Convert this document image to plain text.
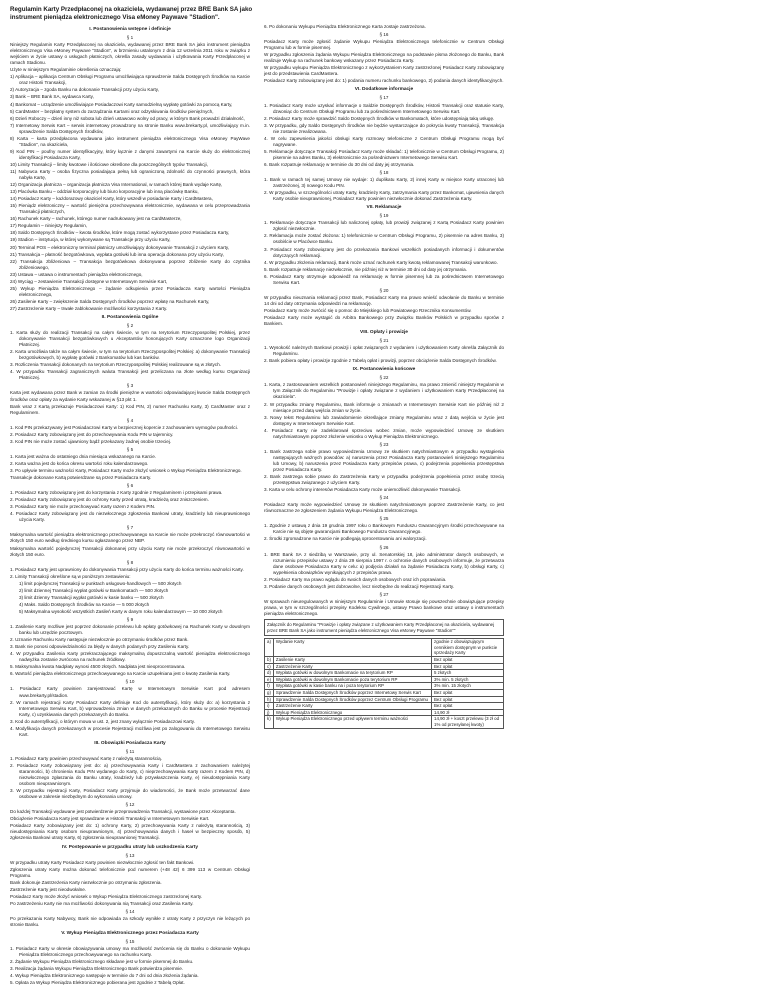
Regulamin Karty Przedpłaconej na okaziciela, wydawanej przez BRE Bank SA jako instrument pieniądza elektronicznego Visa eMoney Paywave "Stadion".
I. Postanowienia wstępne i definicje
§ 1

Niniejszy Regulamin Karty Przedpłaconej na okaziciela, wydawanej przez BRE Bank SA jako instrument pieniądza elektronicznego Visa eMoney Paywave "Stadion", w brzmieniu ustalonym z dnia 12 września 2011 roku w związku z wejściem w życie ustawy o usługach płatniczych, określa zasady wydawania i użytkowania Karty Przedpłaconej w ramach Stadionu.

Użyte w niniejszym Regulaminie określenia oznaczają:

1) Aplikacja – aplikacja Centrum Obsługi Programu umożliwiająca sprawdzenie Salda Dostępnych Środków na Karcie oraz Historii Transakcji,

2) Autoryzacja – zgoda Banku na dokonanie Transakcji przy użyciu Karty,

3) Bank – BRE Bank SA, wydawca Karty,

4) Bankomat – urządzenie umożliwiające Posiadaczowi Karty samodzielną wypłatę gotówki za pomocą Karty,

5) CardMaster – bezpłatny system do zarządzania Kartami oraz odzyskiwania środków pieniężnych,

6) Dzień Roboczy – dzień inny niż sobota lub dzień ustawowo wolny od pracy, w którym Bank prowadzi działalność,

7) Internetowy Serwis Kart – serwis internetowy prowadzony na stronie Banku www.brekarty.pl, umożliwiający m.in. sprawdzenie Salda Dostępnych Środków,

8) Karta – karta przedpłacona wydawana jako instrument pieniądza elektronicznego Visa eMoney PayWave "Stadion", na okaziciela,

9) Kod PIN – poufny numer identyfikacyjny, który łącznie z danymi zawartymi na Karcie służy do elektronicznej identyfikacji Posiadacza Karty,

10) Limity Transakcji – limity kwotowe i ilościowe określone dla poszczególnych typów Transakcji,

11) Nabywca Karty – osoba fizyczna posiadająca pełną lub ograniczoną zdolność do czynności prawnych, która nabyła Kartę,

12) Organizacja płatnicza – organizacja płatnicza Visa International, w ramach której Bank wydaje Kartę,

13) Placówka Banku – oddział korporacyjny lub biuro korporacyjne lub inną placówkę Banku,

14) Posiadacz Karty – każdorazowy okaziciel Karty, który wszedł w posiadanie Karty i CardMastera,

15) Pieniądz elektroniczny – wartość pieniężna przechowywana elektronicznie, wydawana w celu przeprowadzania Transakcji płatniczych,

16) Rachunek Karty – rachunek, którego numer nadrukowany jest na CardMasterze,

17) Regulamin – niniejszy Regulamin,

18) Saldo Dostępnych Środków – kwota środków, które mogą zostać wykorzystane przez Posiadacza Karty,

19) Stadion – instytucja, w której wykonywane są Transakcje przy użyciu Karty,

20) Terminal POS – elektroniczny terminal płatniczy umożliwiający dokonywanie Transakcji z użyciem Karty,

21) Transakcja – płatność bezgotówkowa, wypłata gotówki lub inna operacja dokonana przy użyciu Karty,

22) Transakcja zbliżeniowa – Transakcja bezgotówkowa dokonywana poprzez zbliżenie Karty do czytnika zbliżeniowego,

23) Ustawa – ustawa o instrumentach pieniądza elektronicznego,

24) Wyciąg – zestawienie Transakcji dostępne w Internetowym Serwisie Kart,

25) Wykup Pieniądza Elektronicznego – żądanie odkupienia przez Posiadacza Karty wartości Pieniądza elektronicznego,

26) Zasilenie Karty – zwiększenie Salda Dostępnych Środków poprzez wpłatę na Rachunek Karty,

27) Zastrzeżenie Karty – trwałe zablokowanie możliwości korzystania z Karty.

II. Postanowienia Ogólne
§ 2

1. Karta służy do realizacji Transakcji na całym świecie, w tym na terytorium Rzeczypospolitej Polskiej, przez dokonywanie Transakcji bezgotówkowych u Akceptantów honorujących Karty oznaczone logo Organizacji Płatniczej.

2. Karta umożliwia także na całym świecie, w tym na terytorium Rzeczypospolitej Polskiej: a) dokonywanie Transakcji bezgotówkowych, b) wypłatę gotówki z Bankomatów lub kas banków.

3. Rozliczenia Transakcji dokonanych na terytorium Rzeczypospolitej Polskiej realizowane są w złotych.

4. W przypadku Transakcji zagranicznych waluta Transakcji jest przeliczana na złote według kursu Organizacji Płatniczej.

§ 3

Karta jest wydawana przez Bank w zamian za środki pieniężne w wartości odpowiadającej kwocie Salda Dostępnych Środków oraz opłaty za wydanie Karty wskazanej w §13 pkt 1.

Bank wraz z Kartą przekazuje Posiadaczowi Karty: 1) Kod PIN, 2) numer Rachunku Karty, 3) CardMaster oraz z Regulaminem.

§ 4

1. Kod PIN przekazywany jest Posiadaczowi Karty w bezpiecznej kopercie z zachowaniem wymogów poufności.

2. Posiadacz Karty zobowiązany jest do przechowywania Kodu PIN w tajemnicy.

3. Kod PIN nie może zostać ujawniony bądź przekazany żadnej osobie trzeciej.

§ 5

1. Karta jest ważna do ostatniego dnia miesiąca wskazanego na Karcie.

2. Karta ważna jest do końca okresu wartości roku kalendarzowego.

3. Po upływie terminu ważności Karty, Posiadacz Karty może złożyć wniosek o Wykup Pieniądza Elektronicznego.

Transakcje dokonane Kartą potwierdzane są przez Posiadacza Karty.

§ 6

1. Posiadacz Karty zobowiązany jest do korzystania z Karty zgodnie z Regulaminem i przepisami prawa.

2. Posiadacz Karty zobowiązany jest do ochrony Karty przed utratą, kradzieżą oraz zniszczeniem.

3. Posiadacz Karty nie może przechowywać Karty razem z Kodem PIN.

4. Posiadacz Karty zobowiązany jest do niezwłocznego zgłoszenia Bankowi utraty, kradzieży lub nieuprawnionego użycia Karty.

§ 7

Maksymalna wartość pieniądza elektronicznego przechowywanego na Karcie nie może przekroczyć równowartości w złotych 150 euro według średniego kursu ogłaszanego przez NBP.

Maksymalna wartość pojedynczej Transakcji dokonanej przy użyciu Karty nie może przekroczyć równowartości w złotych 150 euro.

§ 8

1. Posiadacz Karty jest uprawniony do dokonywania Transakcji przy użyciu Karty do końca terminu ważności Karty.

2. Limity Transakcji określone są w poniższym zestawieniu:

1) limit pojedynczej Transakcji w punktach usługowo-handlowych — 500 złotych

2) limit dziennej Transakcji wypłat gotówki w Bankomatach — 500 złotych

3) limit dzienny Transakcji wypłat gotówki w kasie banku — 500 złotych

4) Maks. Saldo Dostępnych Środków na Karcie — 5 000 złotych

5) Maksymalna wysokość wszystkich Zasileń Karty w danym roku kalendarzowym — 10 000 złotych

§ 9

1. Zasilenie Karty możliwe jest poprzez dokonanie przelewu lub wpłaty gotówkowej na Rachunek Karty w dowolnym banku lub urzędzie pocztowym.

2. Uznanie Rachunku Karty następuje niezwłocznie po otrzymaniu środków przez Bank.

3. Bank nie ponosi odpowiedzialności za błędy w danych podanych przy Zasileniu Karty.

4. W przypadku Zasilenia Karty przekraczającego maksymalną dopuszczalną wartość pieniądza elektronicznego nadwyżka zostanie zwrócona na rachunek źródłowy.

5. Maksymalna kwota Nadpłaty wynosi 4500 złotych. Nadpłata jest nieoprocentowana.

6. Wartość pieniądza elektronicznego przechowywanego na Karcie uzupełniana jest o kwotę Zasilenia Karty.

§ 10

1. Posiadacz Karty powinien zarejestrować Kartę w Internetowym Serwisie Kart pod adresem www.brekarty.pl/stadion.

2. W ramach rejestracji Karty Posiadacz Karty definiuje Kod do autentyfikacji, który służy do: a) korzystania z Internetowego Serwisu Kart, b) wprowadzenia zmian w danych przekazanych do Banku w procesie Rejestracji Karty, c) uzyskiwania danych przekazanych do Banku.

3. Kod do autentyfikacji, o którym mowa w ust. 2, jest znany wyłącznie Posiadaczowi Karty.

4. Modyfikacja danych przekazanych w procesie Rejestracji możliwa jest po zalogowaniu do Internetowego Serwisu Kart.

III. Obowiązki Posiadacza Karty
§ 11

1. Posiadacz Karty powinien przechowywać Kartę z należytą starannością.

2. Posiadacz Karty zobowiązany jest do: a) przechowywania Karty i CardMastera z zachowaniem należytej staranności, b) chronienia Kodu PIN wydanego do Karty, c) nieprzechowywania Karty razem z Kodem PIN, d) niezwłocznego zgłaszania do Banku utraty, kradzieży lub przywłaszczenia Karty, e) nieudostępniania Karty osobom nieuprawnionym.

3. W przypadku rejestracji Karty, Posiadacz Karty przyjmuje do wiadomości, że Bank może przetwarzać dane osobowe w zakresie niezbędnym do wykonania umowy.

§ 12

Do każdej Transakcji wydawane jest potwierdzenie przeprowadzenia Transakcji, wystawione przez Akceptanta.

Obciążenie Posiadacza Karty jest sprawdzane w Historii Transakcji w Internetowym Serwisie Kart.

Posiadacz Karty zobowiązany jest do: 1) ochrony Karty, 2) przechowywania Karty z należytą starannością, 3) nieudostępniania Karty osobom nieuprawnionym, 4) przechowywania danych i haseł w bezpieczny sposób, 5) zgłoszenia Bankowi utraty Karty, 6) zgłoszenia nieuprawnionej Transakcji.

IV. Postępowanie w przypadku utraty lub uszkodzenia Karty
§ 13

W przypadku utraty Karty Posiadacz Karty powinien niezwłocznie zgłosić ten fakt Bankowi.

Zgłoszenia utraty Karty można dokonać telefonicznie pod numerem (+48 42) 6 399 113 w Centrum Obsługi Programu.

Bank dokonuje Zastrzeżenia Karty niezwłocznie po otrzymaniu zgłoszenia.

Zastrzeżenie Karty jest nieodwołalne.

Posiadacz Karty może złożyć wniosek o Wykup Pieniądza Elektronicznego zastrzeżonej Karty.

Po zastrzeżeniu Karty nie ma możliwości dokonywania nią Transakcji oraz Zasilenia Karty.

§ 14

Po przekazaniu Karty Nabywcy, Bank nie odpowiada za szkody wynikłe z utraty Karty z przyczyn nie leżących po stronie Banku.

V. Wykup Pieniądza Elektronicznego przez Posiadacza Karty
§ 15

1. Posiadacz Karty w okresie obowiązywania umowy ma możliwość zwrócenia się do Banku o dokonanie Wykupu Pieniądza Elektronicznego przechowywanego na rachunku Karty.

2. Żądanie Wykupu Pieniądza Elektronicznego składane jest w formie pisemnej do Banku.

3. Realizacja żądania Wykupu Pieniądza Elektronicznego Bank potwierdza pisemnie.

4. Wykup Pieniądza Elektronicznego następuje w terminie do 7 dni od dnia złożenia żądania.

5. Opłata za Wykup Pieniądza Elektronicznego pobierana jest zgodnie z Tabelą Opłat.

6. Po dokonaniu Wykupu Pieniądza Elektronicznego Karta zostaje zastrzeżona.

§ 16

Posiadacz Karty może zgłosić żądanie Wykupu Pieniądza Elektronicznego telefonicznie w Centrum Obsługi Programu lub w formie pisemnej.

W przypadku zgłoszenia żądania Wykupu Pieniądza Elektronicznego na podstawie pisma złożonego do Banku, Bank realizuje Wykup na rachunek bankowy wskazany przez Posiadacza Karty.

W przypadku wykupu Pieniądza Elektronicznego z wykorzystaniem Karty zastrzeżonej Posiadacz Karty zobowiązany jest do przedstawienia CardMastera.

Posiadacz Karty zobowiązany jest do: 1) podania numeru rachunku bankowego, 2) podania danych identyfikacyjnych.

VI. Dodatkowe informacje
§ 17

1. Posiadacz Karty może uzyskać informacje o Saldzie Dostępnych Środków, Historii Transakcji oraz statusie Karty, dzwoniąc do Centrum Obsługi Programu lub za pośrednictwem Internetowego Serwisu Kart.

2. Posiadacz Karty może sprawdzić Saldo Dostępnych Środków w Bankomatach, które udostępniają taką usługę.

3. W przypadku, gdy Saldo Dostępnych Środków nie będzie wystarczające do pokrycia kwoty Transakcji, Transakcja nie zostanie zrealizowana.

4. W celu zapewnienia jakości obsługi Karty rozmowy telefoniczne z Centrum Obsługi Programu mogą być nagrywane.

5. Reklamacje dotyczące Transakcji Posiadacz Karty może składać: 1) telefonicznie w Centrum Obsługi Programu, 2) pisemnie na adres Banku, 3) elektronicznie za pośrednictwem Internetowego Serwisu Kart.

6. Bank rozpatruje reklamację w terminie do 30 dni od daty jej otrzymania.

§ 18

1. Bank w ramach tej samej Umowy nie wydaje: 1) duplikatu Karty, 2) innej Karty w miejsce Karty utraconej lub zastrzeżonej, 3) nowego Kodu PIN.

2. W przypadku, w szczególności utraty Karty, kradzieży Karty, zatrzymania Karty przez Bankomat, ujawnienia danych Karty osobie nieuprawnionej, Posiadacz Karty powinien niezwłocznie dokonać Zastrzeżenia Karty.

VII. Reklamacje
§ 19

1. Reklamacje dotyczące Transakcji lub naliczonej opłaty, lub prowizji związanej z Kartą Posiadacz Karty powinien zgłosić niezwłocznie.

2. Reklamacja może zostać złożona: 1) telefonicznie w Centrum Obsługi Programu, 2) pisemnie na adres Banku, 3) osobiście w Placówce Banku.

3. Posiadacz Karty zobowiązany jest do przekazania Bankowi wszelkich posiadanych informacji i dokumentów dotyczących reklamacji.

4. W przypadku złożenia reklamacji, Bank może uznać rachunek Karty kwotą reklamowanej Transakcji warunkowo.

5. Bank rozpatruje reklamację niezwłocznie, nie później niż w terminie 30 dni od daty jej otrzymania.

6. Posiadacz Karty otrzymuje odpowiedź na reklamację w formie pisemnej lub za pośrednictwem Internetowego Serwisu Kart.

§ 20

W przypadku nieuznania reklamacji przez Bank, Posiadacz Karty ma prawo wnieść odwołanie do Banku w terminie 14 dni od daty otrzymania odpowiedzi na reklamację.

Posiadacz Karty może zwrócić się o pomoc do Miejskiego lub Powiatowego Rzecznika Konsumentów.

Posiadacz Karty może wystąpić do Arbitra Bankowego przy Związku Banków Polskich w przypadku sporów z Bankiem.

VIII. Opłaty i prowizje
§ 21

1. Wysokość należnych Bankowi prowizji i opłat związanych z wydaniem i użytkowaniem Karty określa Załącznik do Regulaminu.

2. Bank pobiera opłaty i prowizje zgodnie z Tabelą opłat i prowizji, poprzez obciążenie Salda Dostępnych Środków.

IX. Postanowienia końcowe
§ 22

1. Karta, z zastosowaniem wszelkich postanowień niniejszego Regulaminu, ma prawo zmienić niniejszy Regulamin w tym Załącznik do Regulaminu "Prowizje i opłaty związane z wydaniem i użytkowaniem Karty Przedpłaconej na okaziciela".

2. W przypadku zmiany Regulaminu, Bank informuje o zmianach w Internetowym Serwisie Kart nie później niż 2 miesiące przed datą wejścia zmian w życie.

3. Nowy tekst Regulaminu lub zawiadomienie określające zmiany Regulaminu wraz z datą wejścia w życie jest dostępny w Internetowym Serwisie Kart.

4. Posiadacz Karty nie zadeklarował sprzeciwu wobec zmian, może wypowiedzieć Umowę ze skutkiem natychmiastowym poprzez złożenie wniosku o Wykup Pieniądza Elektronicznego.

§ 23

1. Bank zastrzega sobie prawo wypowiedzenia Umowy ze skutkiem natychmiastowym w przypadku wystąpienia następujących ważnych powodów: a) naruszenia przez Posiadacza Karty postanowień niniejszego Regulaminu lub Umowy, b) naruszenia przez Posiadacza Karty przepisów prawa, c) podejrzenia popełnienia przestępstwa przez Posiadacza Karty.

2. Bank zastrzega sobie prawo do Zastrzeżenia Karty w przypadku podejrzenia popełnienia przez osobę trzecią przestępstwa związanego z użyciem Karty.

3. Karta w celu ochrony interesów Posiadacza Karty może uniemożliwić dokonywanie Transakcji.

§ 24

Posiadacz Karty może wypowiedzieć Umowę ze skutkiem natychmiastowym poprzez Zastrzeżenie Karty, co jest równoznaczne ze zgłoszeniem żądania Wykupu Pieniądza Elektronicznego.

§ 25

1. Zgodnie z ustawą z dnia 19 grudnia 1997 roku o Bankowym Funduszu Gwarancyjnym środki przechowywane na Karcie nie są objęte gwarancjami Bankowego Funduszu Gwarancyjnego.

2. Środki zgromadzone na Karcie nie podlegają oprocentowaniu ani waloryzacji.

§ 26

1. BRE Bank SA z siedzibą w Warszawie, przy ul. Senatorskiej 18, jako administrator danych osobowych, w rozumieniu przepisów ustawy z dnia 29 sierpnia 1997 r. o ochronie danych osobowych informuje, że przetwarza dane osobowe Posiadacza Karty w celu: a) podjęcia działań na żądanie Posiadacza Karty, b) obsługi Karty, c) wypełnienia obowiązków wynikających z przepisów prawa.

2. Posiadacz Karty ma prawo wglądu do swoich danych osobowych oraz ich poprawiania.

3. Podanie danych osobowych jest dobrowolne, lecz niezbędne do realizacji Rejestracji Karty.

§ 27

W sprawach nieuregulowanych w niniejszym Regulaminie i Umowie stosuje się powszechnie obowiązujące przepisy prawa, w tym w szczególności przepisy Kodeksu Cywilnego, ustawy Prawo bankowe oraz ustawy o instrumentach pieniądza elektronicznego.

Załącznik do Regulaminu "Prowizje i opłaty związane z użytkowaniem Karty Przedpłaconej na okaziciela, wydawanej przez BRE Bank SA jako instrument pieniądza elektronicznego Visa eMoney Paywave "Stadion""
a)	Wydanie Karty	zgodnie z obowiązującym cennikiem dostępnym w punkcie sprzedaży Karty
b)	Zasilenie Karty	Bez opłat
c)	Zastrzeżenie Karty	Bez opłat
d)	Wypłata gotówki w dowolnym Bankomacie na terytorium RP	5 złotych
e)	Wypłata gotówki w dowolnym Bankomacie poza terytorium RP	3% min. 5 złotych
f)	Wypłata gotówki w kasie banku na i poza terytorium RP	3% min. 15 złotych
g)	Sprawdzenie Salda Dostępnych Środków poprzez Internetowy Serwis Kart	Bez opłat
h)	Sprawdzenie Salda Dostępnych Środków poprzez Centrum Obsługi Programu	Bez opłat
i)	Zastrzeżenie Karty	Bez opłat
j)	Wykup Pieniądza Elektronicznego	14,90 zł
k)	Wykup Pieniądza Elektronicznego przed upływem terminu ważności	14,90 zł + koszt przelewu (3 zł od 1% od przesyłanej kwoty)
